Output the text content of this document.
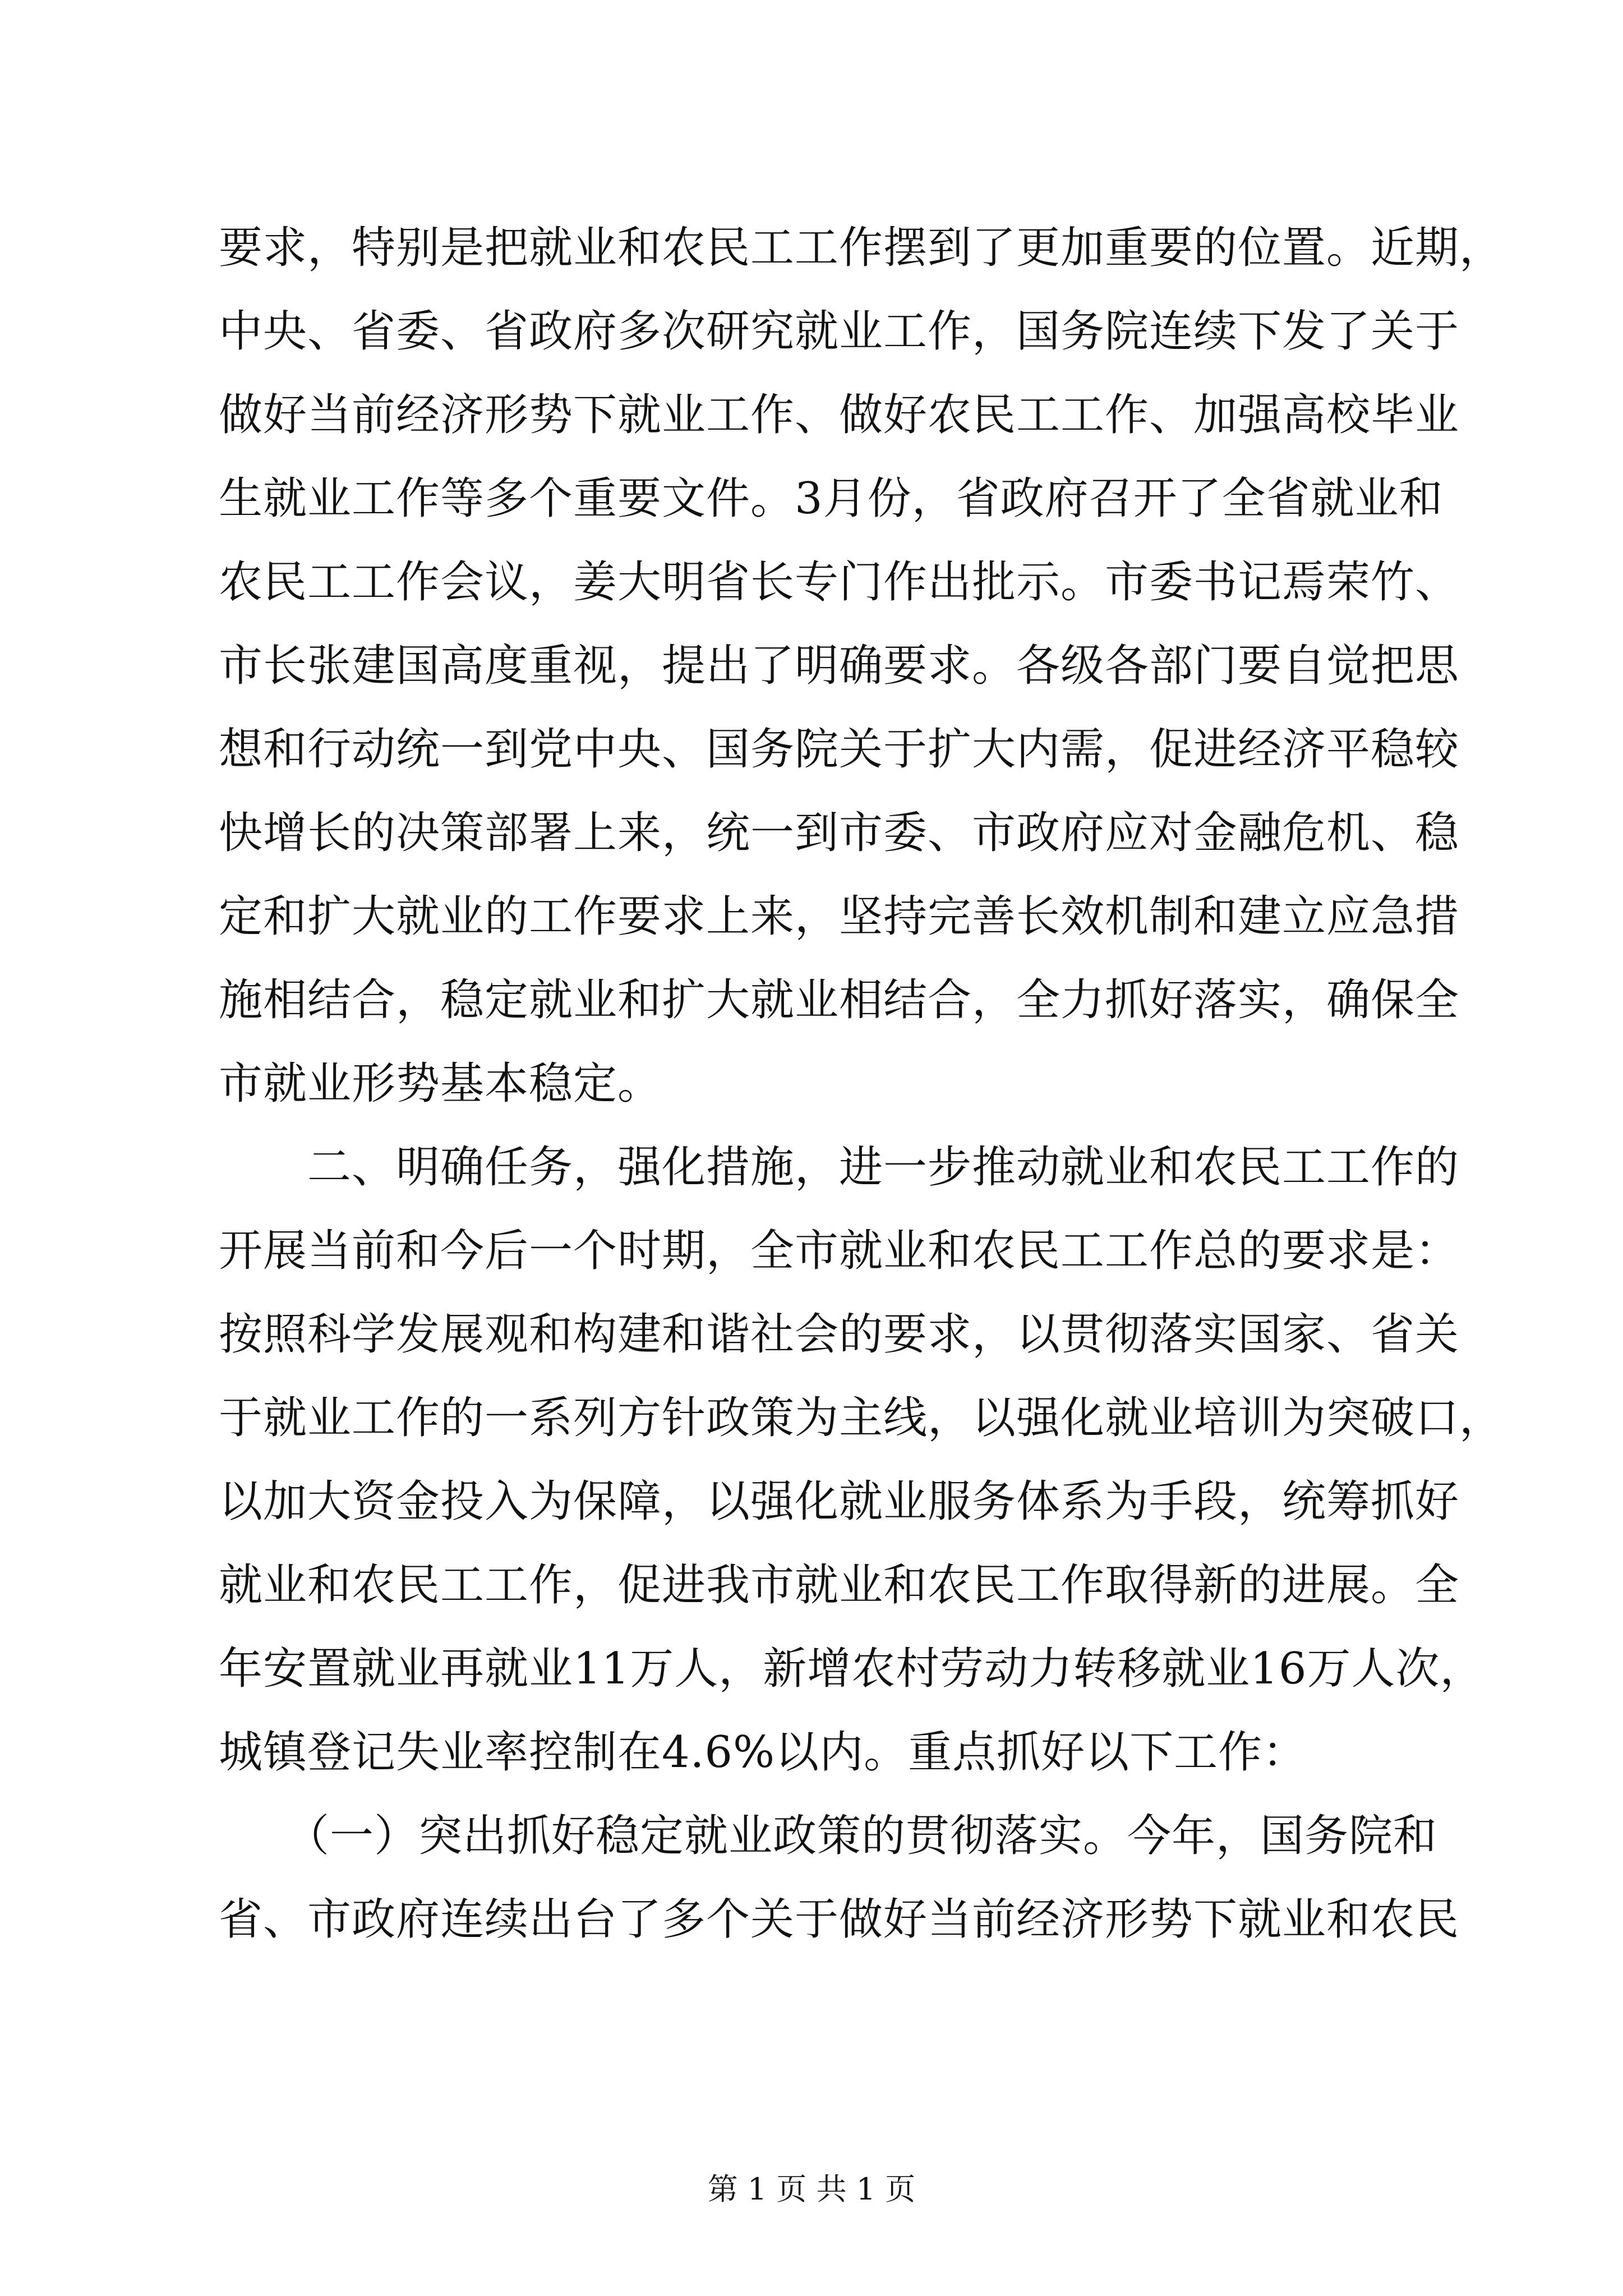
要求，特别是把就业和农民工工作摆到了更加重要的位置。近期，
中央、省委、省政府多次研究就业工作，国务院连续下发了关于
做好当前经济形势下就业工作、做好农民工工作、加强高校毕业
生就业工作等多个重要文件。3月份，省政府召开了全省就业和
农民工工作会议，姜大明省长专门作出批示。市委书记焉荣竹、
市长张建国高度重视，提出了明确要求。各级各部门要自觉把思
想和行动统一到党中央、国务院关于扩大内需，促进经济平稳较
快增长的决策部署上来，统一到市委、市政府应对金融危机、稳
定和扩大就业的工作要求上来，坚持完善长效机制和建立应急措
施相结合，稳定就业和扩大就业相结合，全力抓好落实，确保全
市就业形势基本稳定。
　　二、明确任务，强化措施，进一步推动就业和农民工工作的
开展当前和今后一个时期，全市就业和农民工工作总的要求是：
按照科学发展观和构建和谐社会的要求，以贯彻落实国家、省关
于就业工作的一系列方针政策为主线，以强化就业培训为突破口，
以加大资金投入为保障，以强化就业服务体系为手段，统筹抓好
就业和农民工工作，促进我市就业和农民工作取得新的进展。全
年安置就业再就业11万人，新增农村劳动力转移就业16万人次，
城镇登记失业率控制在4.6%以内。重点抓好以下工作：
　　（一）突出抓好稳定就业政策的贯彻落实。今年，国务院和
省、市政府连续出台了多个关于做好当前经济形势下就业和农民
第 1 页 共 1 页
